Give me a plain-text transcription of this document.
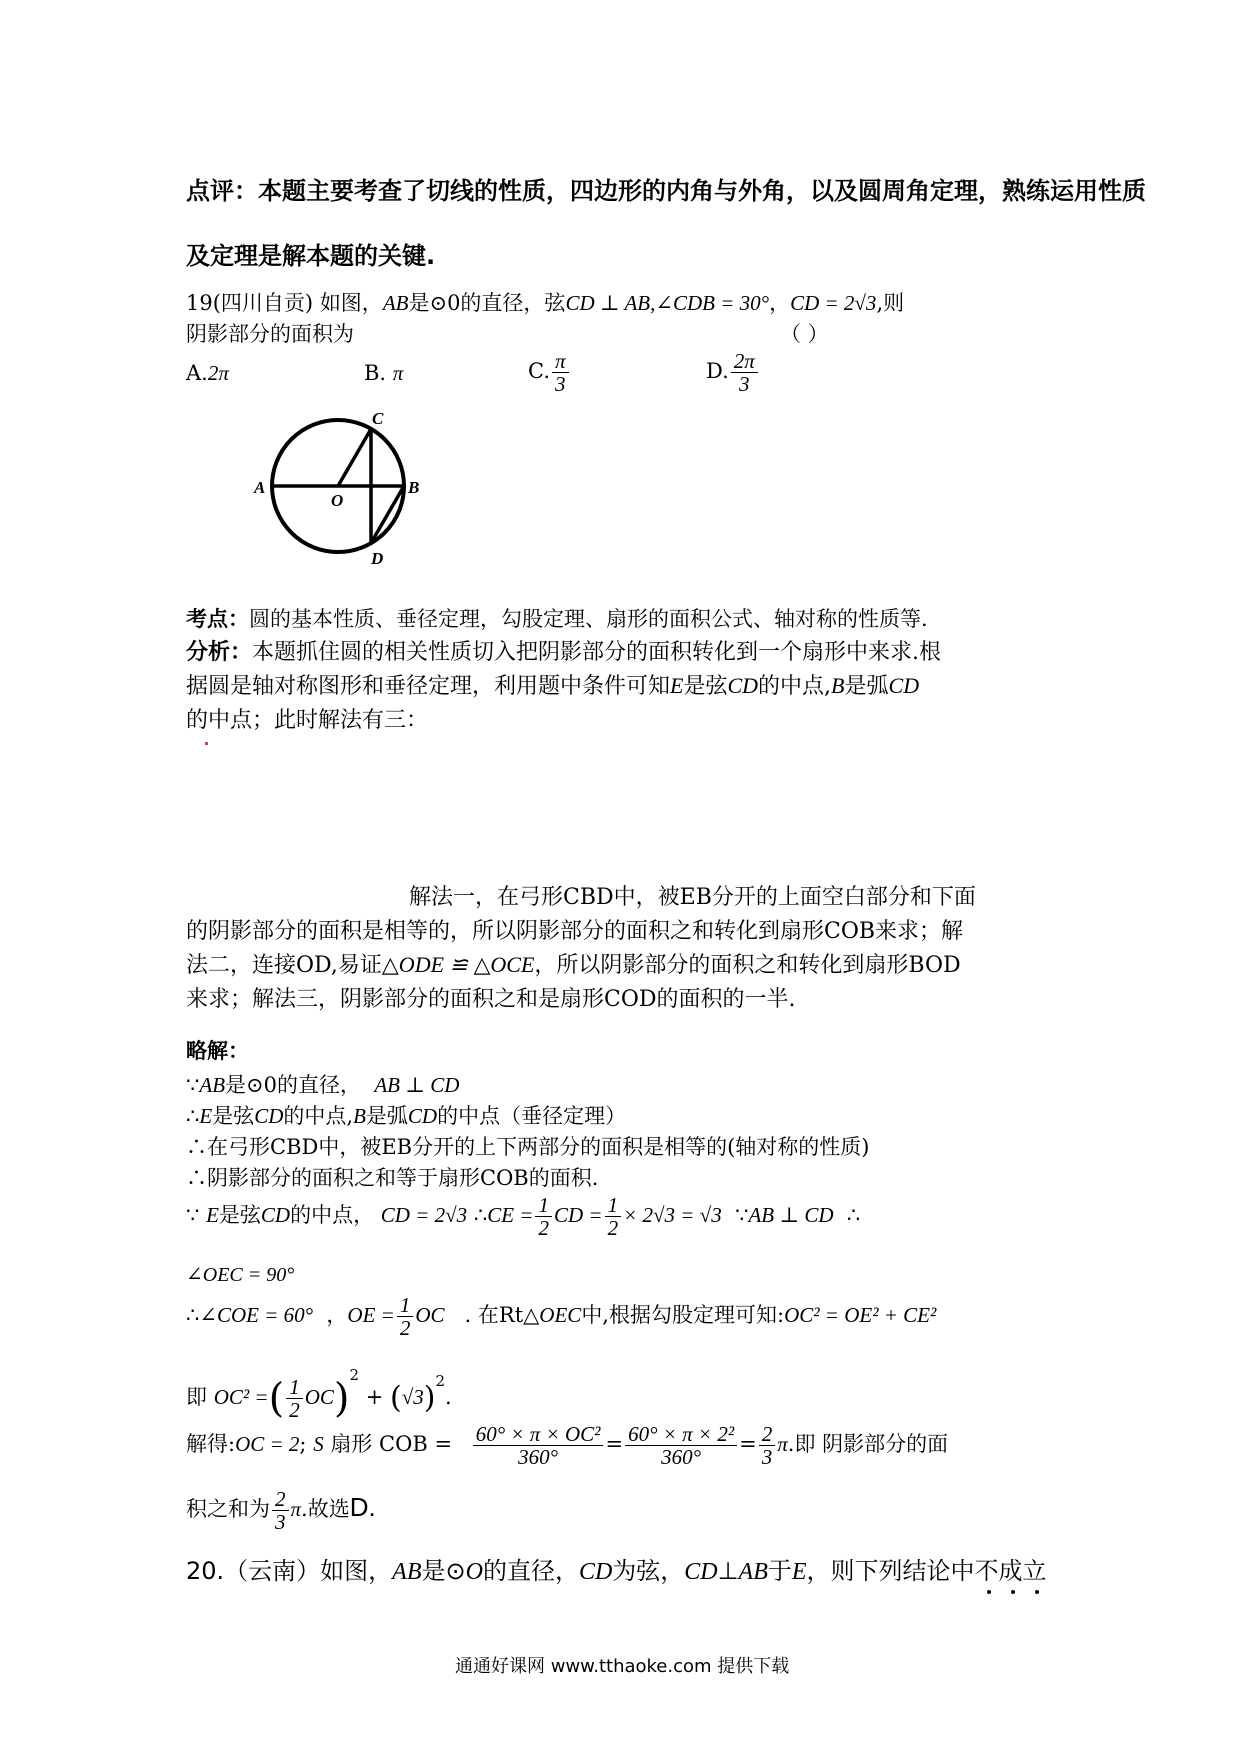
点评：本题主要考查了切线的性质，四边形的内角与外角，以及圆周角定理，熟练运用性质
及定理是解本题的关键.
19(四川自贡) 如图，AB是⊙0的直径，弦CD ⊥ AB,∠CDB = 30°，CD = 2√3,则
阴影部分的面积为	（ ）
A.2π	B. π	C. $\frac{\pi}{3}$	D. $\frac{2\pi}{3}$
A	B
C
D
O
考点：圆的基本性质、垂径定理，勾股定理、扇形的面积公式、轴对称的性质等.
分析：本题抓住圆的相关性质切入把阴影部分的面积转化到一个扇形中来求.根
据圆是轴对称图形和垂径定理，利用题中条件可知E是弦CD的中点,B是弧CD
的中点；此时解法有三：
解法一，在弓形CBD中，被EB分开的上面空白部分和下面
的阴影部分的面积是相等的，所以阴影部分的面积之和转化到扇形COB来求；解
法二，连接OD,易证△ODE ≌ △OCE，所以阴影部分的面积之和转化到扇形BOD
来求；解法三，阴影部分的面积之和是扇形COD的面积的一半.
略解：
∵AB是⊙0的直径， AB ⊥ CD
∴E是弦CD的中点,B是弧CD的中点（垂径定理）
∴在弓形CBD中，被EB分开的上下两部分的面积是相等的(轴对称的性质)
∴阴影部分的面积之和等于扇形COB的面积.
∵ E是弦CD的中点， CD = 2√3 ∴CE = $\frac{1}{2}$ CD = $\frac{1}{2} \times 2√3 = √3$ ∵AB ⊥ CD ∴
∠OEC = 90°
∴∠COE = 60° ，OE = $\frac{1}{2}$ OC . 在Rt△OEC中,根据勾股定理可知:OC² = OE² + CE²
即 OC² =( $\frac{1}{2} OC)^2 + (√3)^2$.
解得:OC = 2; S 扇形 COB = $\frac{\text{60° × π × OC²}}{360^\circ} = \frac{\text{60° × π × 2²}}{360^\circ} = \frac{2}{3} \pi$.即 阴影部分的面
积之和为 $\frac{2}{3} \pi$.故选D.
20.（云南）如图，AB是⊙O的直径，CD为弦，CD⊥AB于E，则下列结论中不成立
通通好课网 www.tthaoke.com 提供下载
